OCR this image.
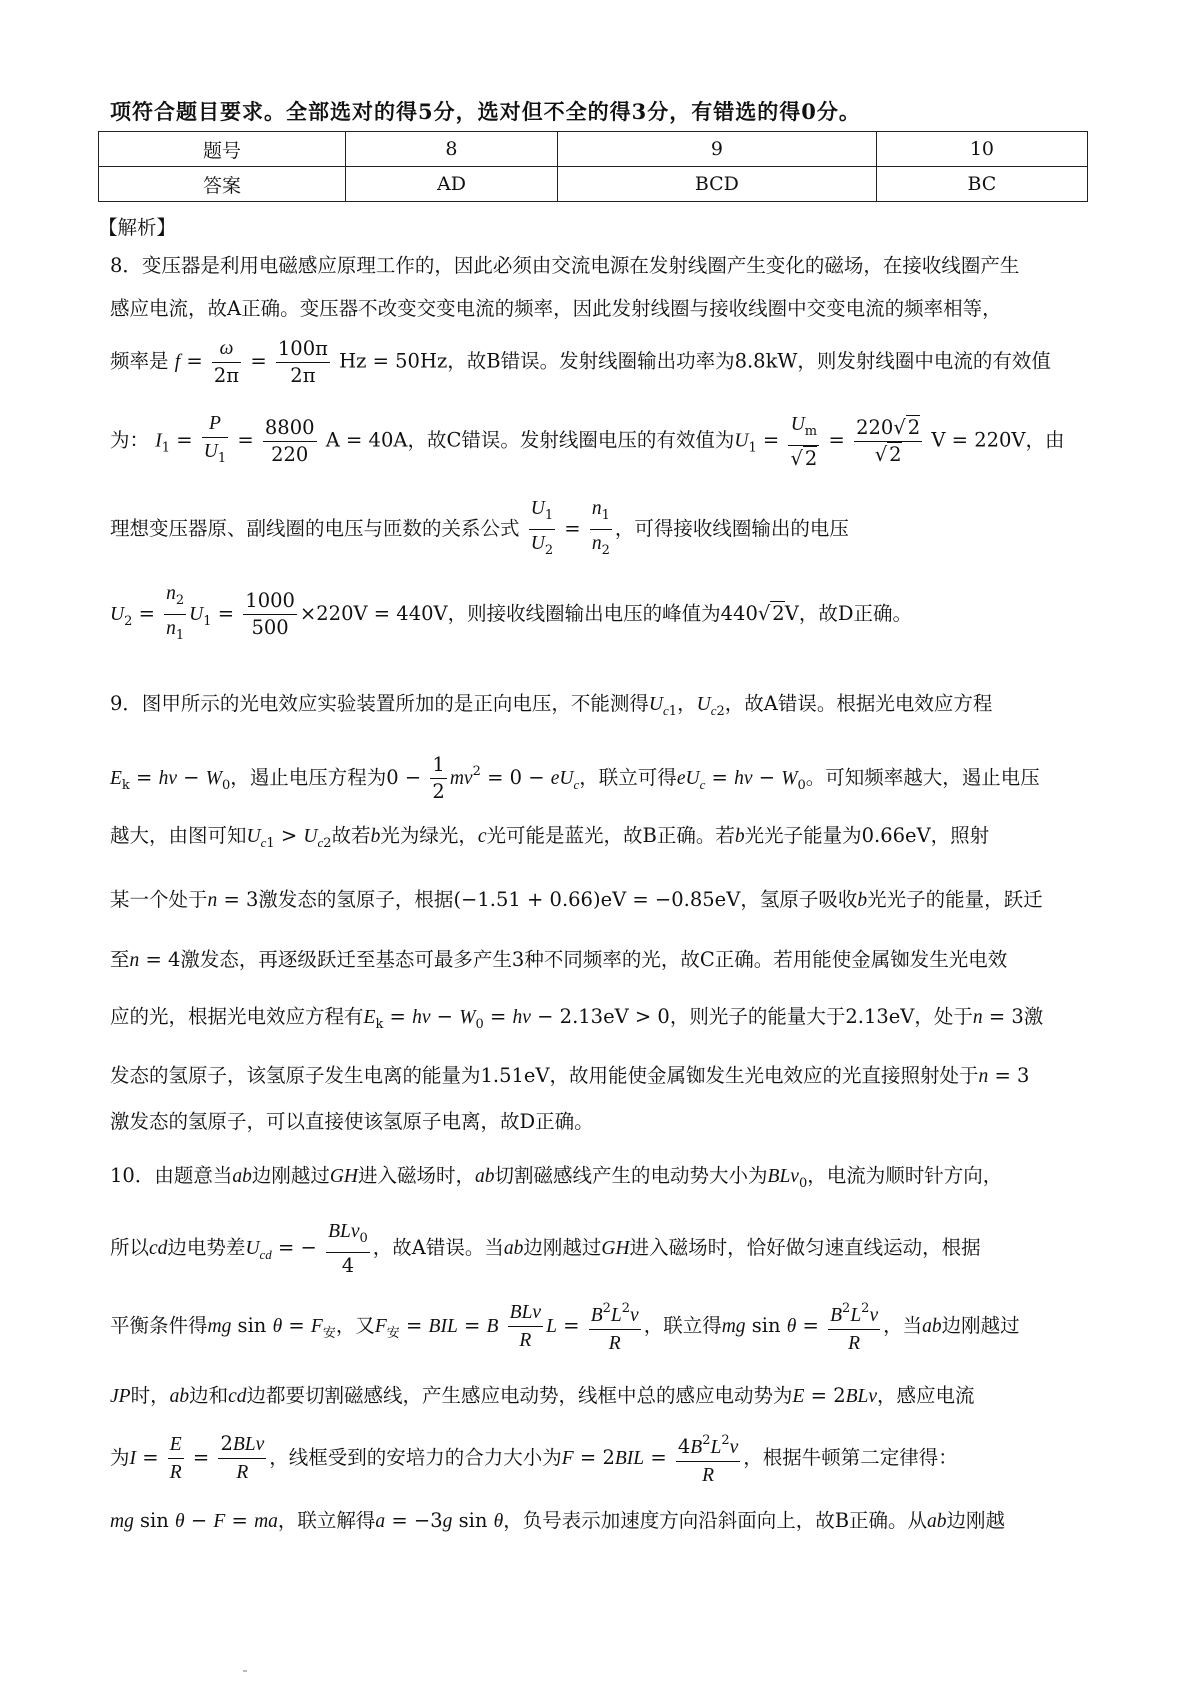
项符合题目要求。全部选对的得5分，选对但不全的得3分，有错选的得0分。
题号	8	9	10
答案	AD	BCD	BC
【解析】
8．变压器是利用电磁感应原理工作的，因此必须由交流电源在发射线圈产生变化的磁场，在接收线圈产生
感应电流，故A正确。变压器不改变交变电流的频率，因此发射线圈与接收线圈中交变电流的频率相等，
频率是 $f = \frac{\omega}{2\pi} = \frac{100\pi}{2\pi}$ Hz = 50Hz，故B错误。发射线圈输出功率为8.8kW，则发射线圈中电流的有效值
为： $I_1 = \frac{P}{U_1} = \frac{8800}{220}$ A = 40A，故C错误。发射线圈电压的有效值为$U_1 = U_m$
√ 2 = 220 √ 2
√ 2 V = 220V，由
理想变压器原、副线圈的电压与匝数的关系公式 $\frac{U_1}{U_2} = \frac{n_1}{n_2}$ ，可得接收线圈输出的电压
$U_2 = \frac{n_2}{n_1} U_1 = \frac{1000}{500} \times 220V = 440V$，则接收线圈输出电压的峰值为440 √ 2V，故D正确。
9．图甲所示的光电效应实验装置所加的是正向电压，不能测得$U_{c1}$，$U_{c2}$，故A错误。根据光电效应方程
$E_k = h\nu - W_0$，遏止电压方程为$0 - \frac{1}{2} mv^2 = 0 - eU_c$，联立可得$eU_c = h\nu - W_0$。可知频率越大，遏止电压
越大，由图可知$U_{c1} > U_{c2}$故若b光为绿光，c光可能是蓝光，故B正确。若b光光子能量为0.66eV，照射
某一个处于n = 3激发态的氢原子，根据(−1.51 + 0.66)eV = −0.85eV，氢原子吸收b光光子的能量，跃迁
至n = 4激发态，再逐级跃迁至基态可最多产生3种不同频率的光，故C正确。若用能使金属铷发生光电效
应的光，根据光电效应方程有$E_k = h\nu - W_0 = h\nu - 2.13eV > 0$，则光子的能量大于2.13eV，处于n = 3激
发态的氢原子，该氢原子发生电离的能量为1.51eV，故用能使金属铷发生光电效应的光直接照射处于n = 3
激发态的氢原子，可以直接使该氢原子电离，故D正确。
10．由题意当ab边刚越过GH进入磁场时，ab切割磁感线产生的电动势大小为BLv$_0$，电流为顺时针方向，
所以cd边电势差$U_{cd}$ = − $\frac{BLv_0}{4}$ ，故A错误。当ab边刚越过GH进入磁场时，恰好做匀速直线运动，根据
平衡条件得mg $\sin \theta = F_安$，又$F_安$ = BIL = B $\frac{\text{BLv}}{R}$ $L = \frac{B^2L^2v}{R}$ ，联立得mg $\sin \theta = \frac{B^2L^2v}{R}$ ，当ab边刚越过
JP时，ab边和cd边都要切割磁感线，产生感应电动势，线框中总的感应电动势为E = 2BLv，感应电流
为$I = \frac{E}{R} = \frac{\text{2BLv}}{R}$ ，线框受到的安培力的合力大小为$F = 2BIL = \frac{4B^2L^2v}{R}$ ，根据牛顿第二定律得：
mg sin θ − F = ma，联立解得a = −3g sin θ，负号表示加速度方向沿斜面向上，故B正确。从ab边刚越
